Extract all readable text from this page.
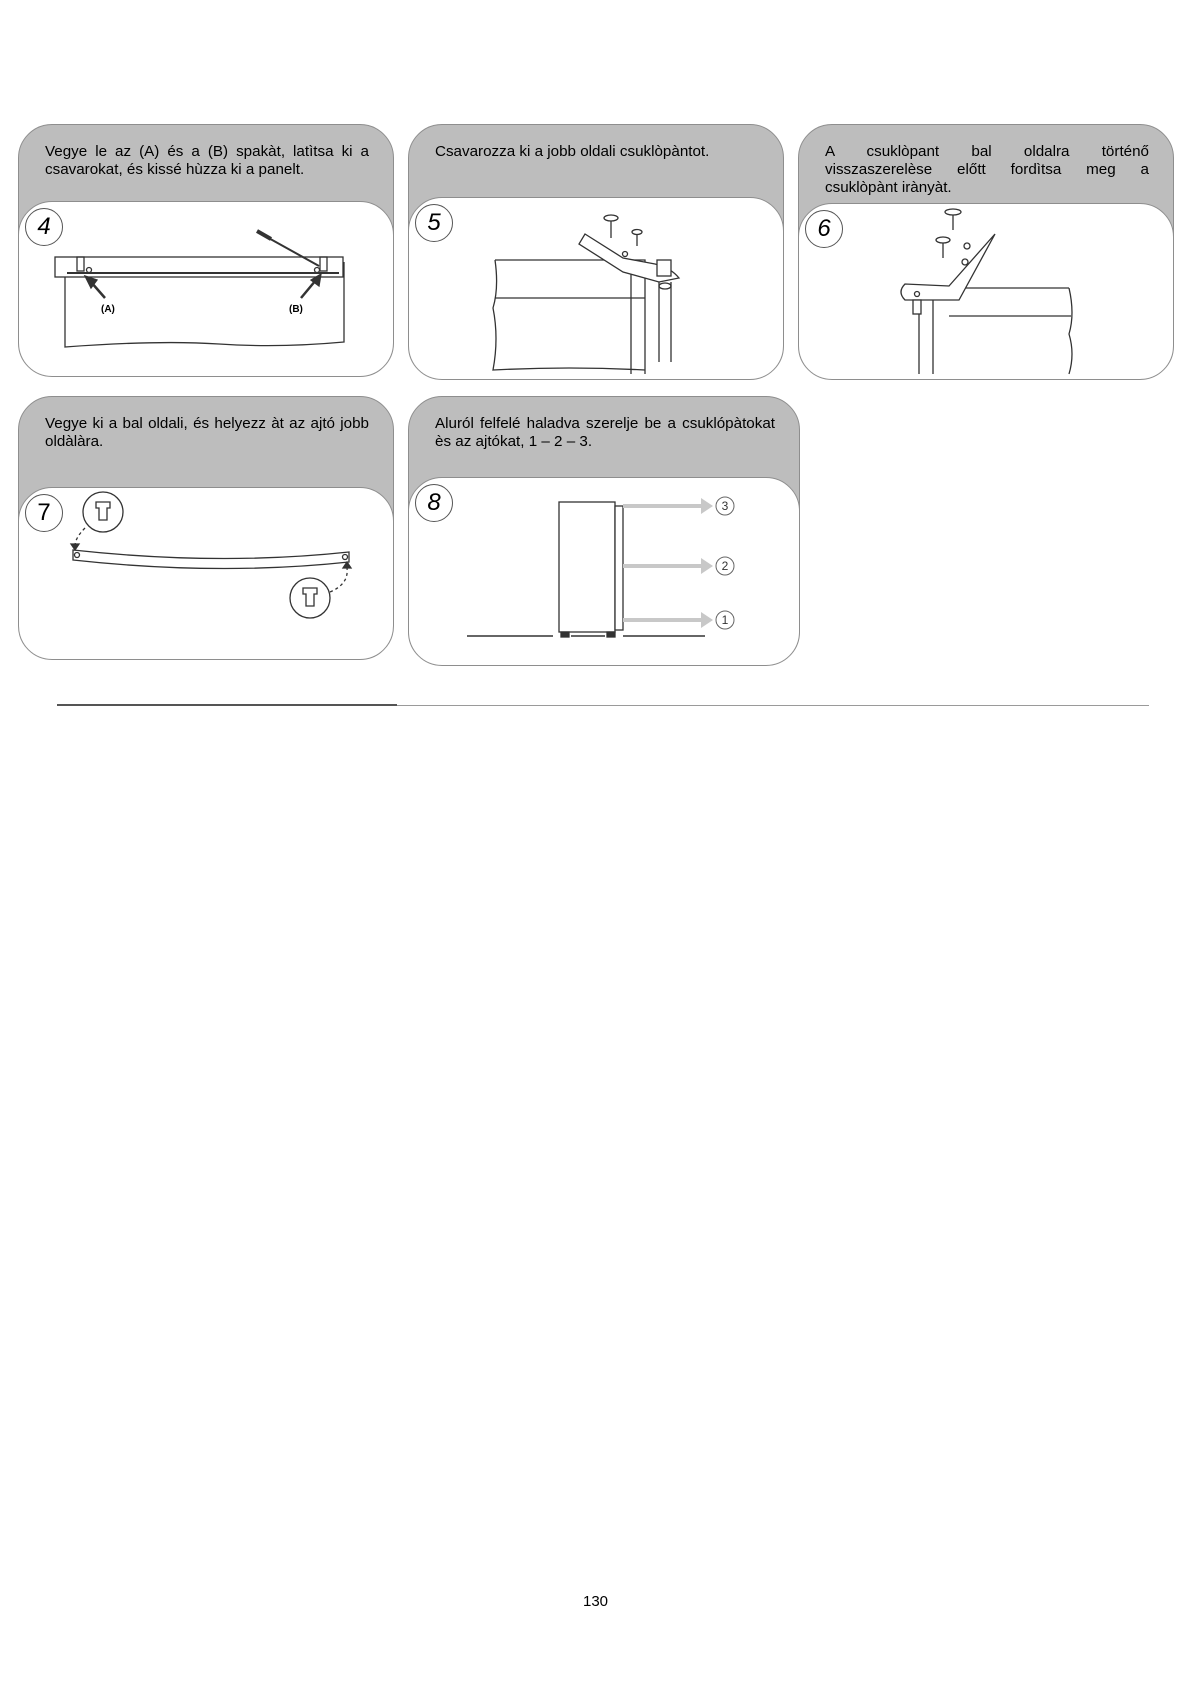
Vegye le az (A) és a (B) spakàt, latìtsa ki a csavarokat, és kissé hùzza ki a panelt.
4
(A)	(B)
Csavarozza ki a jobb oldali csuklòpàntot.
5
A csuklòpant bal oldalra történő
visszaszerelèse előtt fordìtsa meg a
csuklòpànt irànyàt.
6
Vegye ki a bal oldali, és helyezz àt az ajtó jobb oldàlàra.
7
Aluról felfelé haladva szerelje be a csuklópàtokat ès az ajtókat, 1 – 2 – 3.
8	3
2
1
130
